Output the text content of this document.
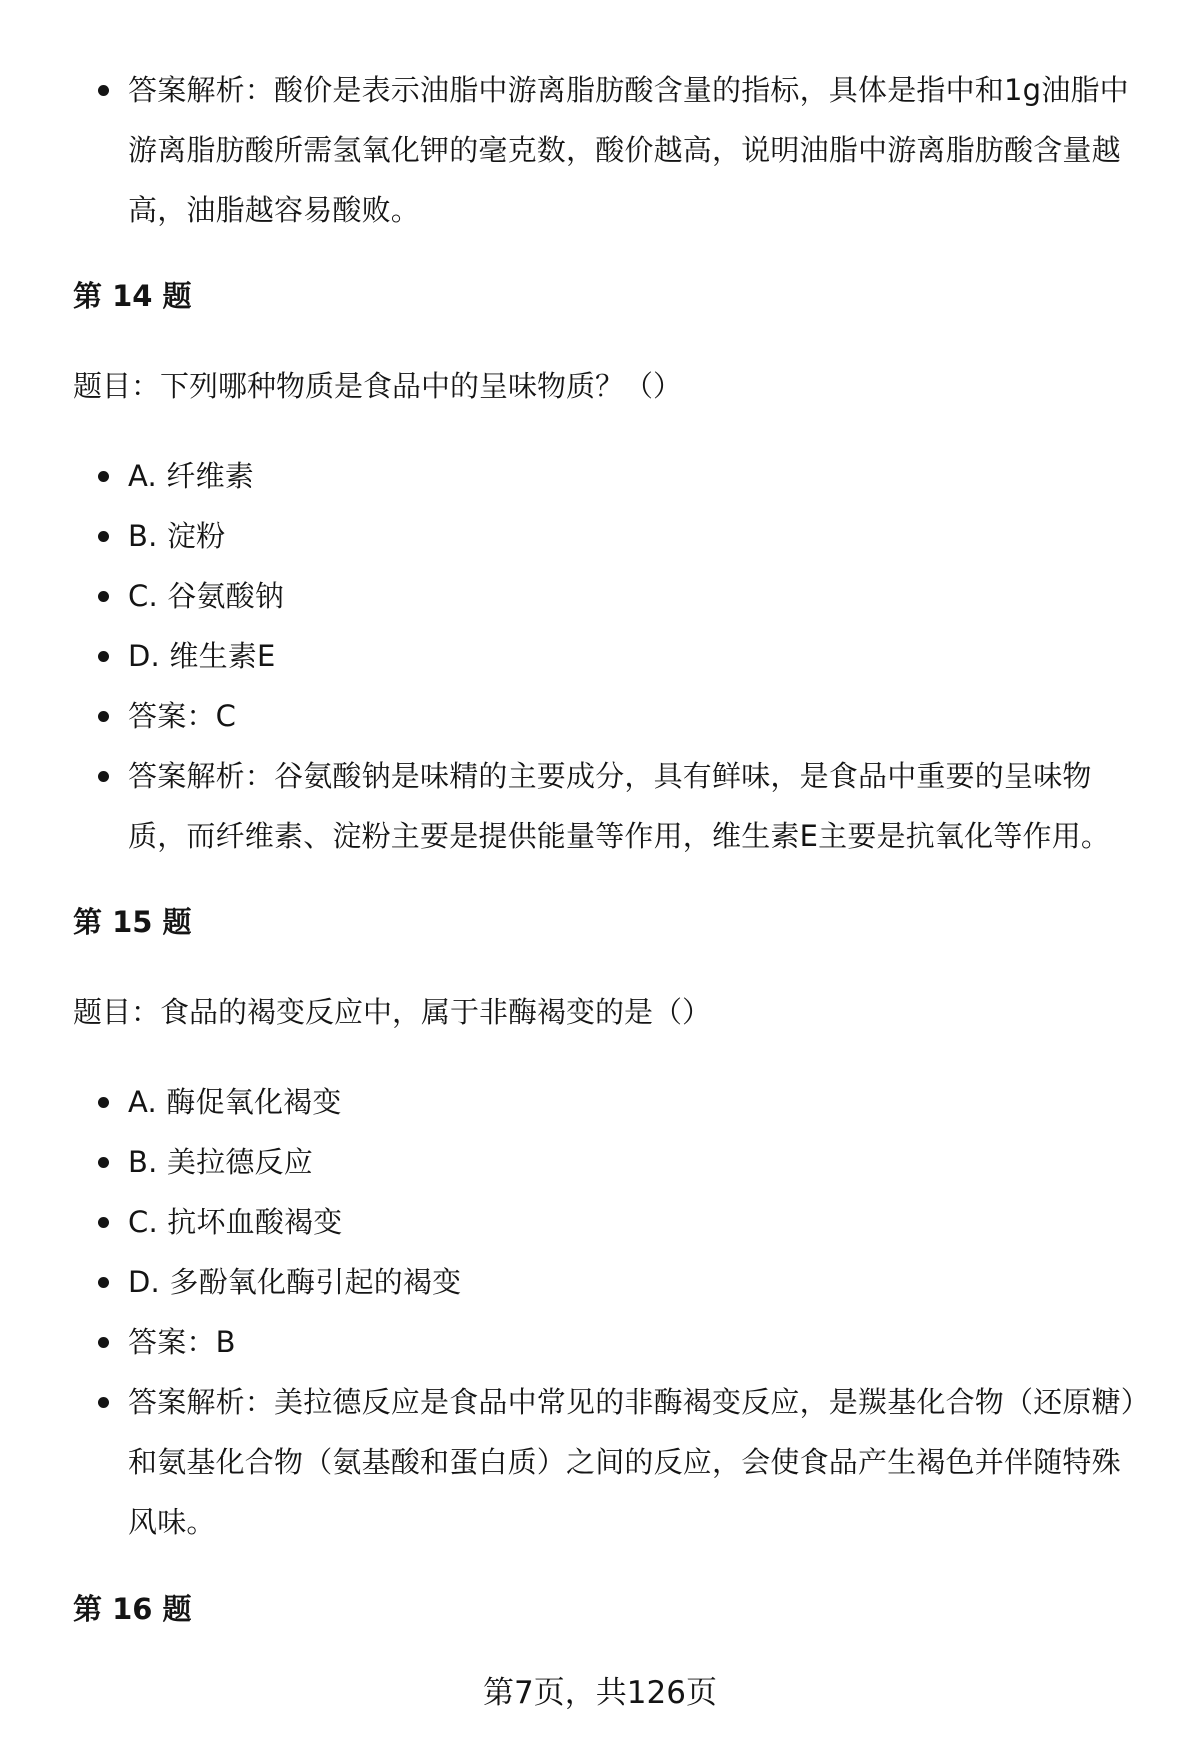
答案解析：酸价是表示油脂中游离脂肪酸含量的指标，具体是指中和1g油脂中游离脂肪酸所需氢氧化钾的毫克数，酸价越高，说明油脂中游离脂肪酸含量越高，油脂越容易酸败。
第 14 题

题目：下列哪种物质是食品中的呈味物质？（）

A. 纤维素
B. 淀粉
C. 谷氨酸钠
D. 维生素E
答案：C
答案解析：谷氨酸钠是味精的主要成分，具有鲜味，是食品中重要的呈味物质，而纤维素、淀粉主要是提供能量等作用，维生素E主要是抗氧化等作用。
第 15 题

题目：食品的褐变反应中，属于非酶褐变的是（）

A. 酶促氧化褐变
B. 美拉德反应
C. 抗坏血酸褐变
D. 多酚氧化酶引起的褐变
答案：B
答案解析：美拉德反应是食品中常见的非酶褐变反应，是羰基化合物（还原糖）和氨基化合物（氨基酸和蛋白质）之间的反应，会使食品产生褐色并伴随特殊风味。
第 16 题
第7页，共126页
